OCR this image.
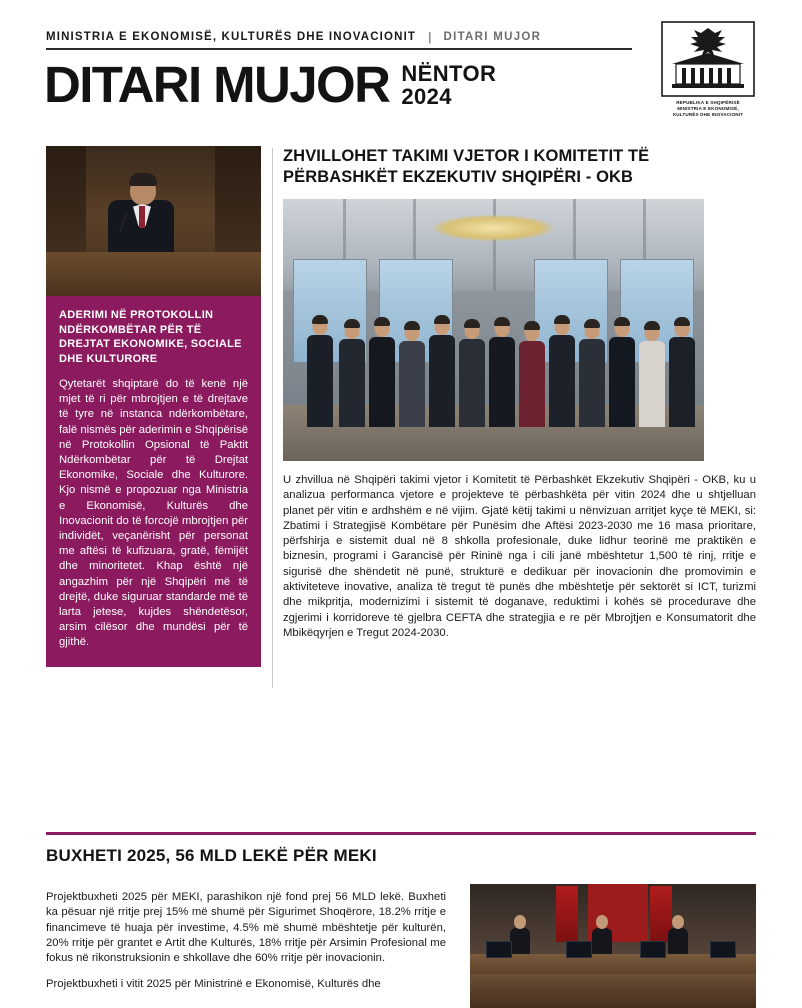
MINISTRIA E EKONOMISË, KULTURËS DHE INOVACIONIT | DITARI MUJOR
DITARI MUJOR NËNTOR
2024	REPUBLIKA E SHQIPËRISË
MINISTRIA E EKONOMISË,
KULTURËS DHE INOVACIONIT
ADERIMI NË PROTOKOLLIN NDËRKOMBËTAR PËR TË DREJTAT EKONOMIKE, SOCIALE DHE KULTURORE
Qytetarët shqiptarë do të kenë një mjet të ri për mbrojtjen e të drejtave të tyre në instanca ndërkombëtare, falë nismës për aderimin e Shqipërisë në Protokollin Opsional të Paktit Ndërkombëtar për të Drejtat Ekonomike, Sociale dhe Kulturore. Kjo nismë e propozuar nga Ministria e Ekonomisë, Kulturës dhe Inovacionit do të forcojë mbrojtjen për individët, veçanërisht për personat me aftësi të kufizuara, gratë, fëmijët dhe minoritetet. Khap është një angazhim për një Shqipëri më të drejtë, duke siguruar standarde më të larta jetese, kujdes shëndetësor, arsim cilësor dhe mundësi për të gjithë.
ZHVILLOHET TAKIMI VJETOR I KOMITETIT TË PËRBASHKËT EKZEKUTIV SHQIPËRI - OKB
U zhvillua në Shqipëri takimi vjetor i Komitetit të Përbashkët Ekzekutiv Shqipëri - OKB, ku u analizua performanca vjetore e projekteve të përbashkëta për vitin 2024 dhe u shtjelluan planet për vitin e ardhshëm e në vijim. Gjatë këtij takimi u nënvizuan arritjet kyçe të MEKI, si: Zbatimi i Strategjisë Kombëtare për Punësim dhe Aftësi 2023-2030 me 16 masa prioritare, përfshirja e sistemit dual në 8 shkolla profesionale, duke lidhur teorinë me praktikën e biznesin, programi i Garancisë për Rininë nga i cili janë mbështetur 1,500 të rinj, rritje e sigurisë dhe shëndetit në punë, strukturë e dedikuar për inovacionin dhe promovimin e aktiviteteve inovative, analiza të tregut të punës dhe mbështetje për sektorët si ICT, turizmi dhe mikpritja, modernizimi i sistemit të doganave, reduktimi i kohës së procedurave dhe zgjerimi i korridoreve të gjelbra CEFTA dhe strategjia e re për Mbrojtjen e Konsumatorit dhe Mbikëqyrjen e Tregut 2024-2030.
BUXHETI 2025, 56 MLD LEKË PËR MEKI

Projektbuxheti 2025 për MEKI, parashikon një fond prej 56 MLD lekë. Buxheti ka pësuar një rritje prej 15% më shumë për Sigurimet Shoqërore, 18.2% rritje e financimeve të huaja për investime, 4.5% më shumë mbështetje për kulturën, 20% rritje për grantet e Artit dhe Kulturës, 18% rritje për Arsimin Profesional me fokus në rikonstruksionin e shkollave dhe 60% rritje për inovacionin.

Projektbuxheti i vitit 2025 për Ministrinë e Ekonomisë, Kulturës dhe
